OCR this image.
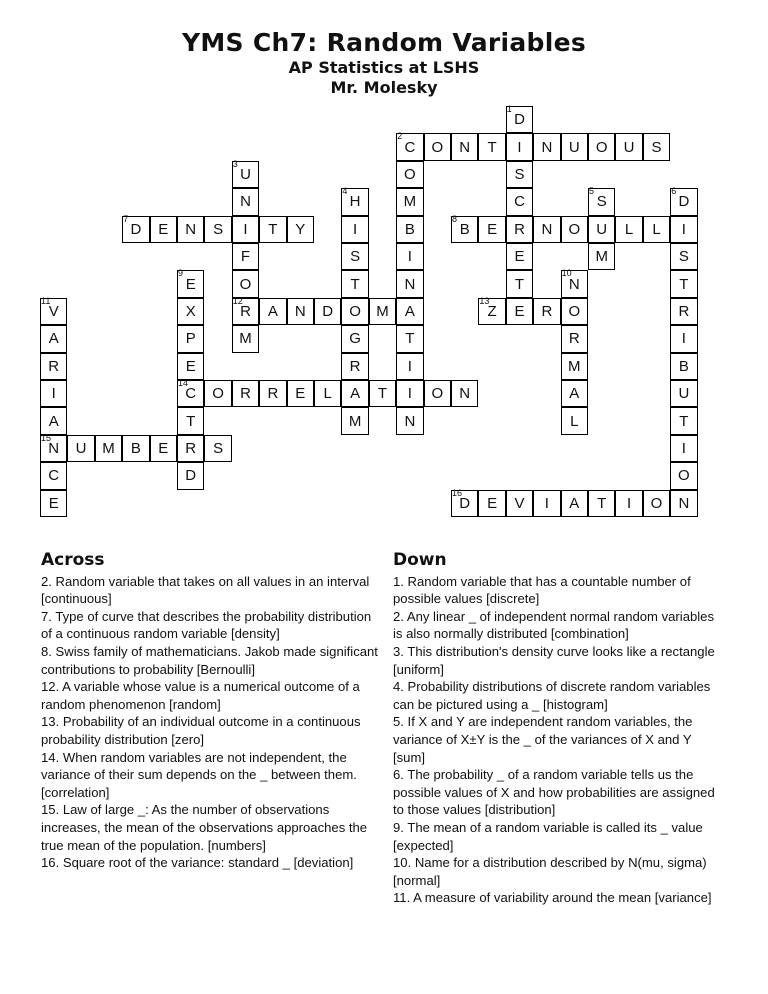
YMS Ch7: Random Variables
AP Statistics at LSHS
Mr. Molesky
D
I
S
C
R
E
T
E
C	O	N	T	N	U	O	U	S
O
M
B
I
N
A
T
I
I
N
U
N
I
F
O
R
M
H
I
S
T
O
G
R
A
M
S
U
M
D
I
S
T
R
I
B
U
T
I
O
N
D	E	N	S	T	Y	B	E	N	O	L	L
E
X
P
E
C
T
R
D
N
O
R
M
A
L
V
A
R
I
A
N
C
E
A	N	D	M	Z	R
O	R	R	E	L	T	O	N
U	M	B	E	S
D	E	V	I	A	T	I	O
1
2
3
4	5	6
7	8
9	10
11	12	13
14
15
16
Across

2. Random variable that takes on all values in an interval [continuous]

7. Type of curve that describes the probability distribution of a continuous random variable [density]

8. Swiss family of mathematicians. Jakob made significant contributions to probability [Bernoulli]

12. A variable whose value is a numerical outcome of a random phenomenon [random]

13. Probability of an individual outcome in a continuous probability distribution [zero]

14. When random variables are not independent, the variance of their sum depends on the _ between them. [correlation]

15. Law of large _: As the number of observations increases, the mean of the observations approaches the true mean of the population. [numbers]

16. Square root of the variance: standard _ [deviation]

Down

1. Random variable that has a countable number of possible values [discrete]

2. Any linear _ of independent normal random variables is also normally distributed [combination]

3. This distribution's density curve looks like a rectangle [uniform]

4. Probability distributions of discrete random variables can be pictured using a _ [histogram]

5. If X and Y are independent random variables, the variance of X±Y is the _ of the variances of X and Y [sum]

6. The probability _ of a random variable tells us the possible values of X and how probabilities are assigned to those values [distribution]

9. The mean of a random variable is called its _ value [expected]

10. Name for a distribution described by N(mu, sigma) [normal]

11. A measure of variability around the mean [variance]
